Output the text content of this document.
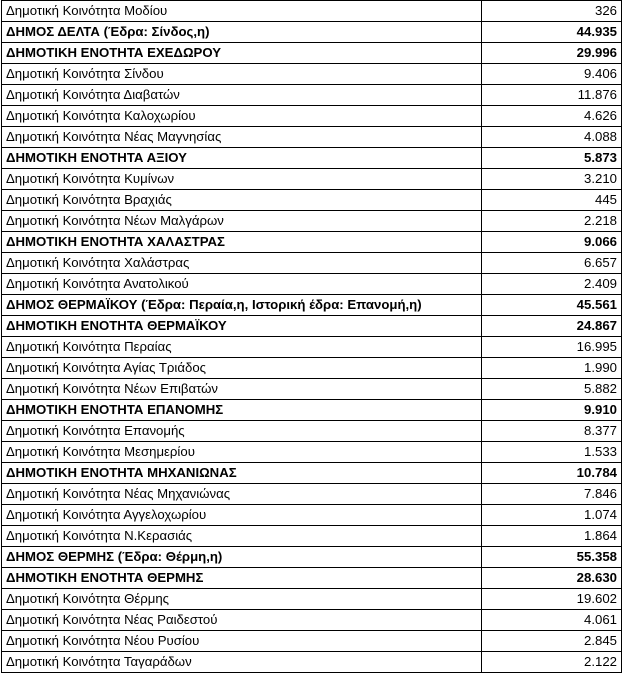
Δημοτική Κοινότητα Μοδίου	326
ΔΗΜΟΣ ΔΕΛΤΑ (Έδρα: Σίνδος,η)	44.935
ΔΗΜΟΤΙΚΗ ΕΝΟΤΗΤΑ ΕΧΕΔΩΡΟΥ	29.996
Δημοτική Κοινότητα Σίνδου	9.406
Δημοτική Κοινότητα Διαβατών	11.876
Δημοτική Κοινότητα Καλοχωρίου	4.626
Δημοτική Κοινότητα Νέας Μαγνησίας	4.088
ΔΗΜΟΤΙΚΗ ΕΝΟΤΗΤΑ ΑΞΙΟΥ	5.873
Δημοτική Κοινότητα Κυμίνων	3.210
Δημοτική Κοινότητα Βραχιάς	445
Δημοτική Κοινότητα Νέων Μαλγάρων	2.218
ΔΗΜΟΤΙΚΗ ΕΝΟΤΗΤΑ ΧΑΛΑΣΤΡΑΣ	9.066
Δημοτική Κοινότητα Χαλάστρας	6.657
Δημοτική Κοινότητα Ανατολικού	2.409
ΔΗΜΟΣ ΘΕΡΜΑΪΚΟΥ (Έδρα: Περαία,η, Ιστορική έδρα: Επανομή,η)	45.561
ΔΗΜΟΤΙΚΗ ΕΝΟΤΗΤΑ ΘΕΡΜΑΪΚΟΥ	24.867
Δημοτική Κοινότητα Περαίας	16.995
Δημοτική Κοινότητα Αγίας Τριάδος	1.990
Δημοτική Κοινότητα Νέων Επιβατών	5.882
ΔΗΜΟΤΙΚΗ ΕΝΟΤΗΤΑ ΕΠΑΝΟΜΗΣ	9.910
Δημοτική Κοινότητα Επανομής	8.377
Δημοτική Κοινότητα Μεσημερίου	1.533
ΔΗΜΟΤΙΚΗ ΕΝΟΤΗΤΑ ΜΗΧΑΝΙΩΝΑΣ	10.784
Δημοτική Κοινότητα Νέας Μηχανιώνας	7.846
Δημοτική Κοινότητα Αγγελοχωρίου	1.074
Δημοτική Κοινότητα Ν.Κερασιάς	1.864
ΔΗΜΟΣ ΘΕΡΜΗΣ (Έδρα: Θέρμη,η)	55.358
ΔΗΜΟΤΙΚΗ ΕΝΟΤΗΤΑ ΘΕΡΜΗΣ	28.630
Δημοτική Κοινότητα Θέρμης	19.602
Δημοτική Κοινότητα Νέας Ραιδεστού	4.061
Δημοτική Κοινότητα Νέου Ρυσίου	2.845
Δημοτική Κοινότητα Ταγαράδων	2.122
